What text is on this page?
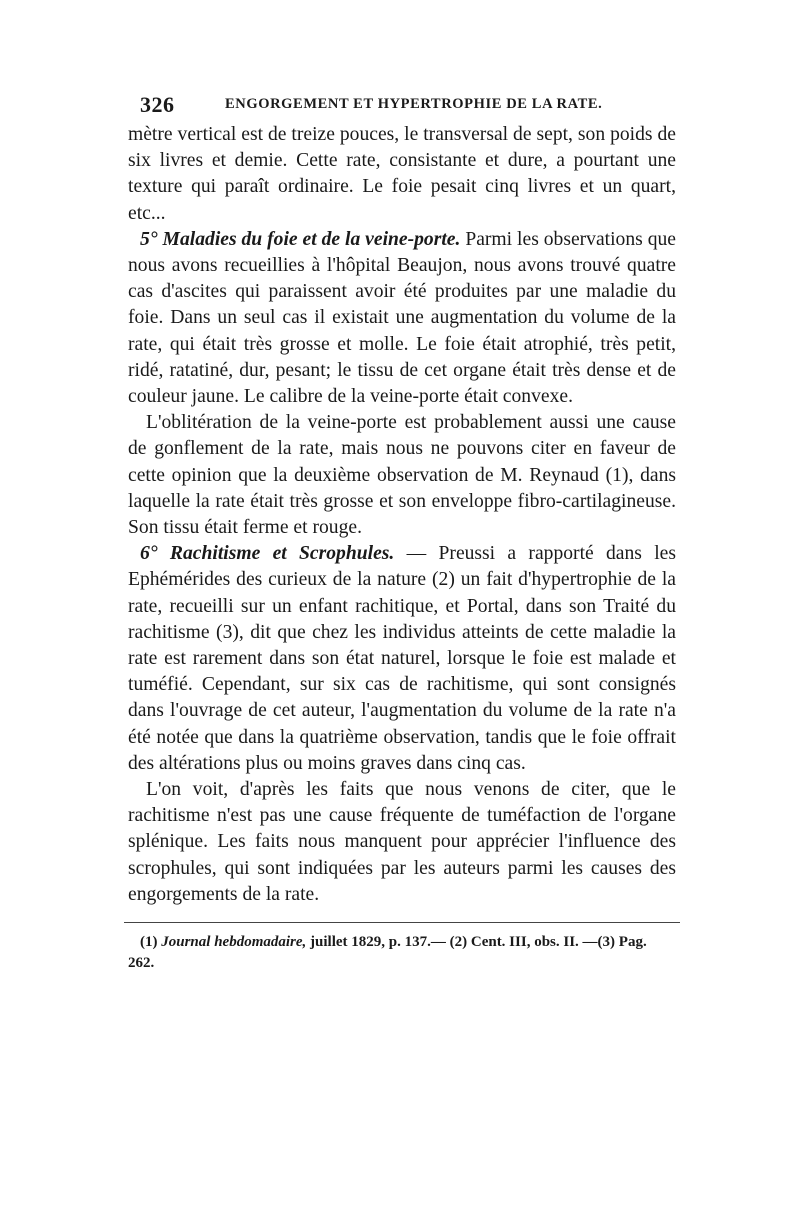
326	ENGORGEMENT ET HYPERTROPHIE DE LA RATE.

mètre vertical est de treize pouces, le transversal de sept, son poids de six livres et demie. Cette rate, consistante et dure, a pourtant une texture qui paraît ordinaire. Le foie pesait cinq livres et un quart, etc...

5° Maladies du foie et de la veine-porte. Parmi les observations que nous avons recueillies à l'hôpital Beaujon, nous avons trouvé quatre cas d'ascites qui paraissent avoir été produites par une maladie du foie. Dans un seul cas il existait une augmentation du volume de la rate, qui était très grosse et molle. Le foie était atrophié, très petit, ridé, ratatiné, dur, pesant; le tissu de cet organe était très dense et de couleur jaune. Le calibre de la veine-porte était convexe.

L'oblitération de la veine-porte est probablement aussi une cause de gonflement de la rate, mais nous ne pouvons citer en faveur de cette opinion que la deuxième observation de M. Reynaud (1), dans laquelle la rate était très grosse et son enveloppe fibro-cartilagineuse. Son tissu était ferme et rouge.

6° Rachitisme et Scrophules. — Preussi a rapporté dans les Ephémérides des curieux de la nature (2) un fait d'hypertrophie de la rate, recueilli sur un enfant rachitique, et Portal, dans son Traité du rachitisme (3), dit que chez les individus atteints de cette maladie la rate est rarement dans son état naturel, lorsque le foie est malade et tuméfié. Cependant, sur six cas de rachitisme, qui sont consignés dans l'ouvrage de cet auteur, l'augmentation du volume de la rate n'a été notée que dans la quatrième observation, tandis que le foie offrait des altérations plus ou moins graves dans cinq cas.

L'on voit, d'après les faits que nous venons de citer, que le rachitisme n'est pas une cause fréquente de tuméfaction de l'organe splénique. Les faits nous manquent pour apprécier l'influence des scrophules, qui sont indiquées par les auteurs parmi les causes des engorgements de la rate.

(1) Journal hebdomadaire, juillet 1829, p. 137.— (2) Cent. III, obs. II. —(3) Pag. 262.
